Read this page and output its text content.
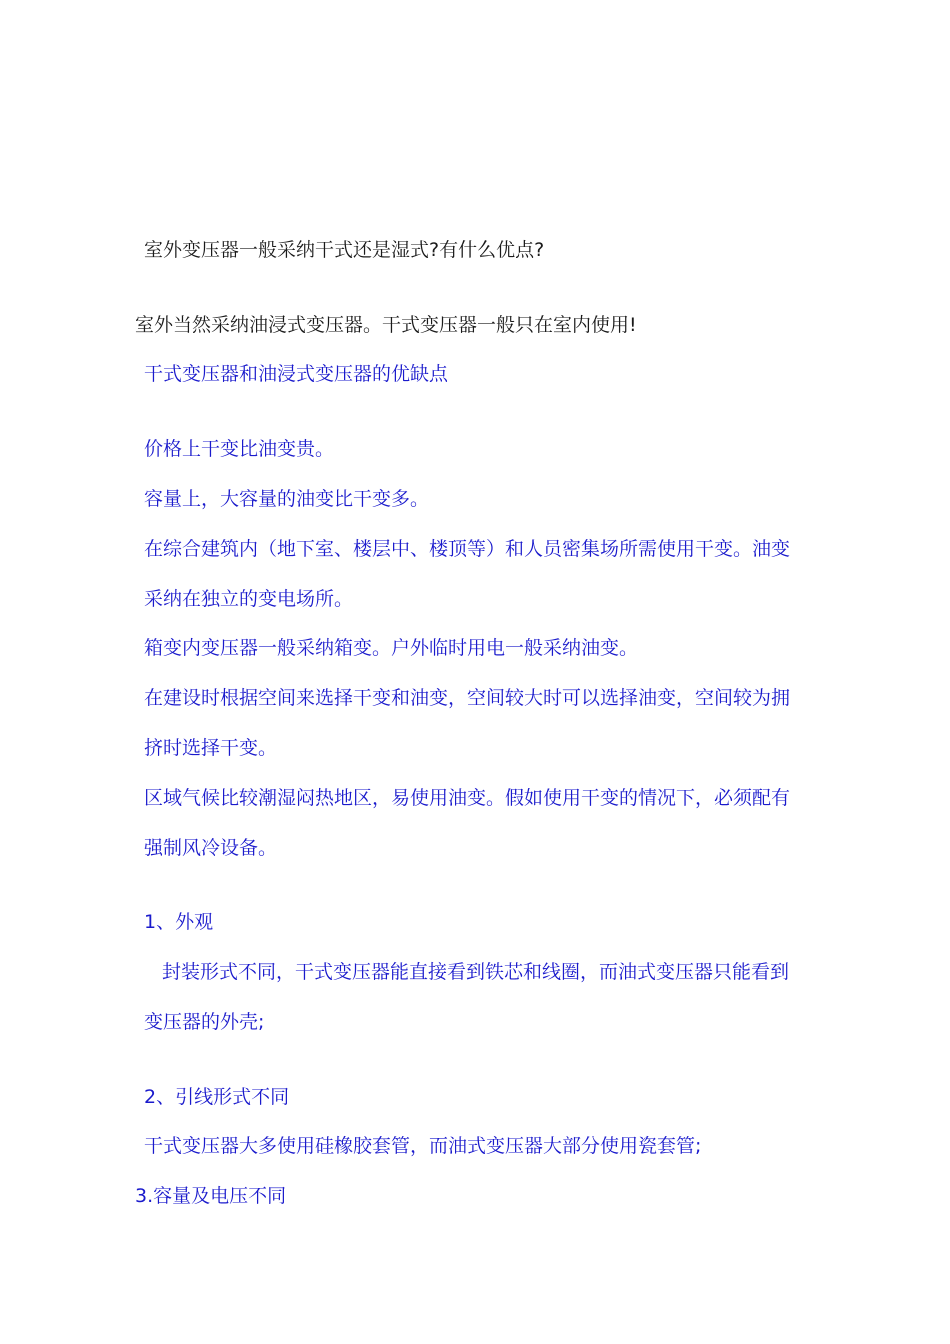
室外变压器一般采纳干式还是湿式?有什么优点?
室外当然采纳油浸式变压器。干式变压器一般只在室内使用!
干式变压器和油浸式变压器的优缺点
价格上干变比油变贵。
容量上，大容量的油变比干变多。
在综合建筑内（地下室、楼层中、楼顶等）和人员密集场所需使用干变。油变
采纳在独立的变电场所。
箱变内变压器一般采纳箱变。户外临时用电一般采纳油变。
在建设时根据空间来选择干变和油变，空间较大时可以选择油变，空间较为拥
挤时选择干变。
区域气候比较潮湿闷热地区，易使用油变。假如使用干变的情况下，必须配有
强制风冷设备。
1、外观
封装形式不同，干式变压器能直接看到铁芯和线圈，而油式变压器只能看到
变压器的外壳;
2、引线形式不同
干式变压器大多使用硅橡胶套管，而油式变压器大部分使用瓷套管;
3.容量及电压不同
